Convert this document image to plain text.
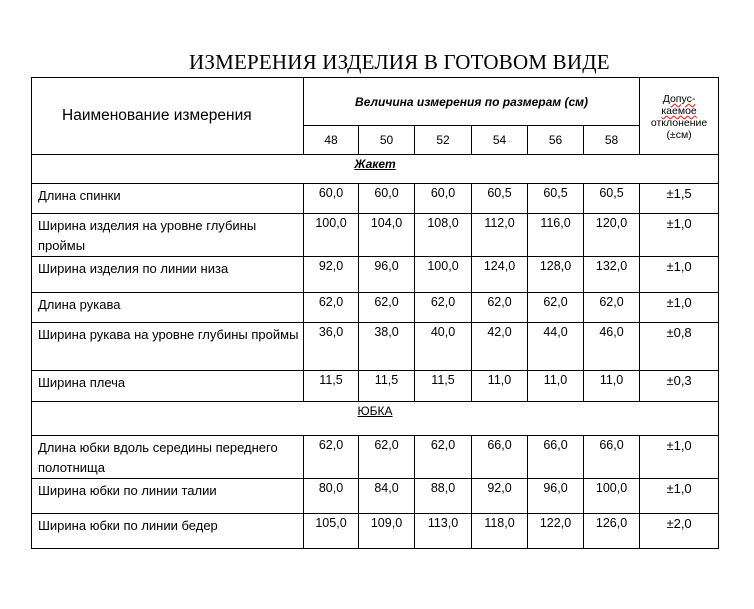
ИЗМЕРЕНИЯ ИЗДЕЛИЯ В ГОТОВОМ ВИДЕ
Наименование измерения	Величина измерения по размерам (см)						Допус-
каемое
отклонение
(±см)

	48	50	52	54	56	58	
Жакет							
Длина спинки	60,0	60,0	60,0	60,5	60,5	60,5	±1,5
Ширина изделия на уровне глубины проймы	100,0	104,0	108,0	112,0	116,0	120,0	±1,0
Ширина изделия по линии низа	92,0	96,0	100,0	124,0	128,0	132,0	±1,0
Длина рукава	62,0	62,0	62,0	62,0	62,0	62,0	±1,0
Ширина рукава на уровне глубины проймы	36,0	38,0	40,0	42,0	44,0	46,0	±0,8
Ширина плеча	11,5	11,5	11,5	11,0	11,0	11,0	±0,3
ЮБКА							
Длина юбки вдоль середины переднего полотнища	62,0	62,0	62,0	66,0	66,0	66,0	±1,0
Ширина юбки по линии талии	80,0	84,0	88,0	92,0	96,0	100,0	±1,0
Ширина юбки по линии бедер	105,0	109,0	113,0	118,0	122,0	126,0	±2,0
